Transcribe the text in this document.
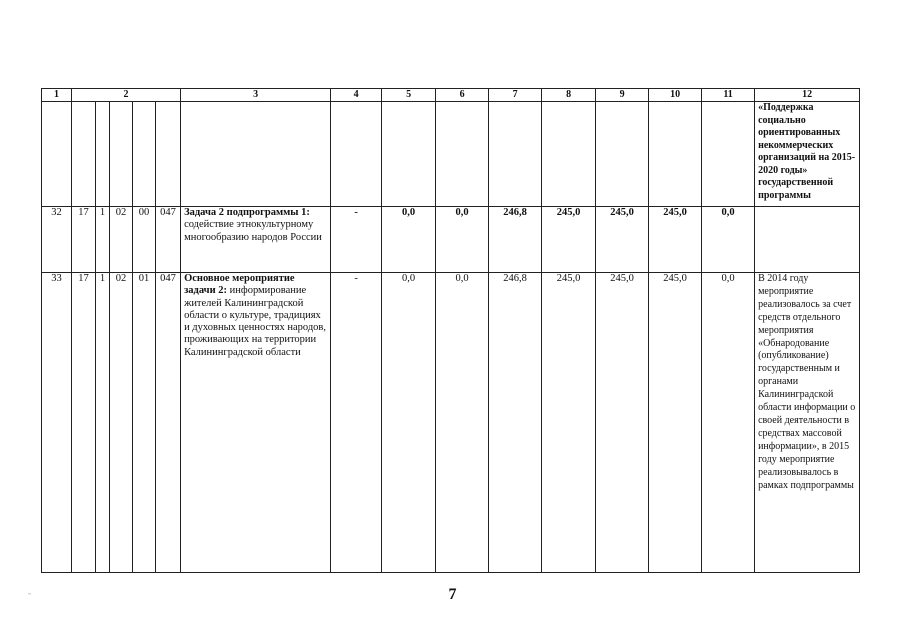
1	2					3	4	5	6	7	8	9	10	11	12
															«Поддержка социально ориентированных некоммерческих организаций на 2015-2020 годы» государственной программы
32	17	1	02	00	047	Задача 2 подпрограммы 1: содействие этнокультурному многообразию народов России	-	0,0	0,0	246,8	245,0	245,0	245,0	0,0	
33	17	1	02	01	047	Основное мероприятие задачи 2: информирование жителей Калининградской области о культуре, традициях и духовных ценностях народов, проживающих на территории Калининградской области	-	0,0	0,0	246,8	245,0	245,0	245,0	0,0	В 2014 году мероприятие реализовалось за счет средств отдельного мероприятия «Обнародование (опубликование) государственным и органами Калининградской области информации о своей деятельности в средствах массовой информации», в 2015 году мероприятие реализовывалось в рамках подпрограммы
~	7
